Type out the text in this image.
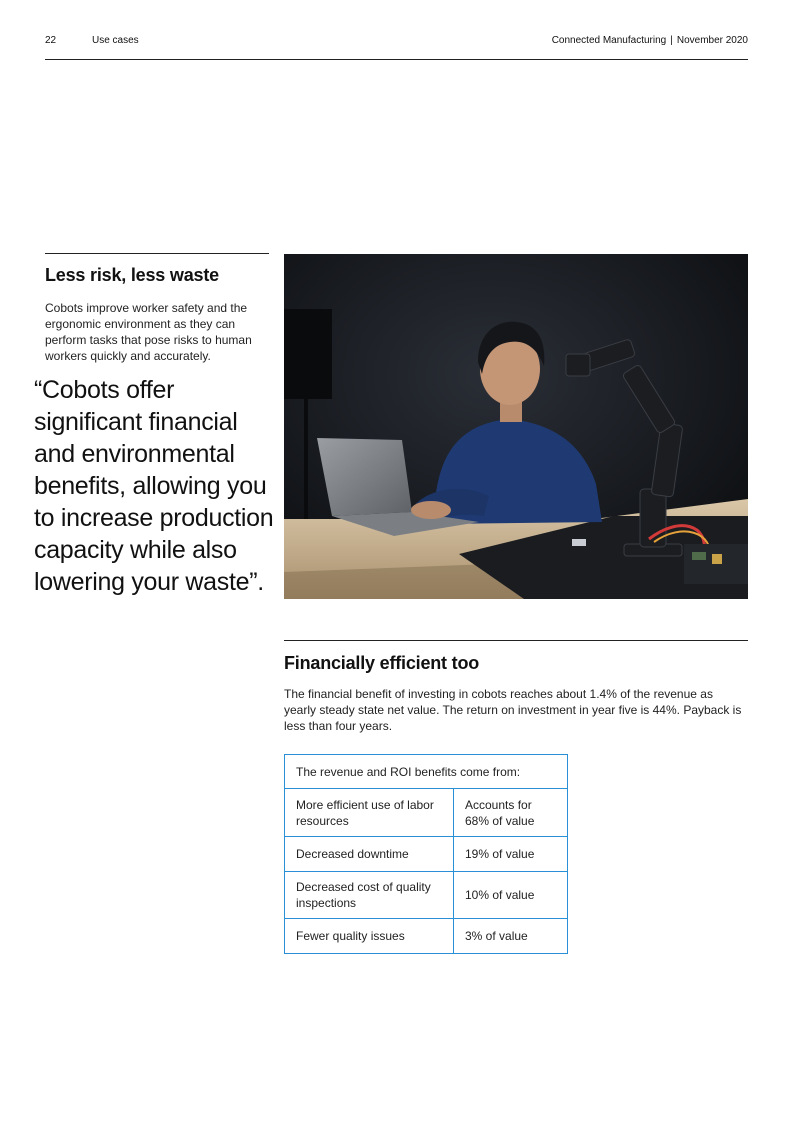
22	Use cases	Connected Manufacturing | November 2020
Less risk, less waste
Cobots improve worker safety and the ergonomic environment as they can perform tasks that pose risks to human workers quickly and accurately.
“Cobots offer significant financial and environmental benefits, allowing you to increase production capacity while also lowering your waste”.
Financially efficient too
The financial benefit of investing in cobots reaches about 1.4% of the revenue as yearly steady state net value. The return on investment in year five is 44%. Payback is less than four years.
The revenue and ROI benefits come from:	
More efficient use of labor resources	Accounts for 68% of value
Decreased downtime	19% of value
Decreased cost of quality inspections	10% of value
Fewer quality issues	3% of value
